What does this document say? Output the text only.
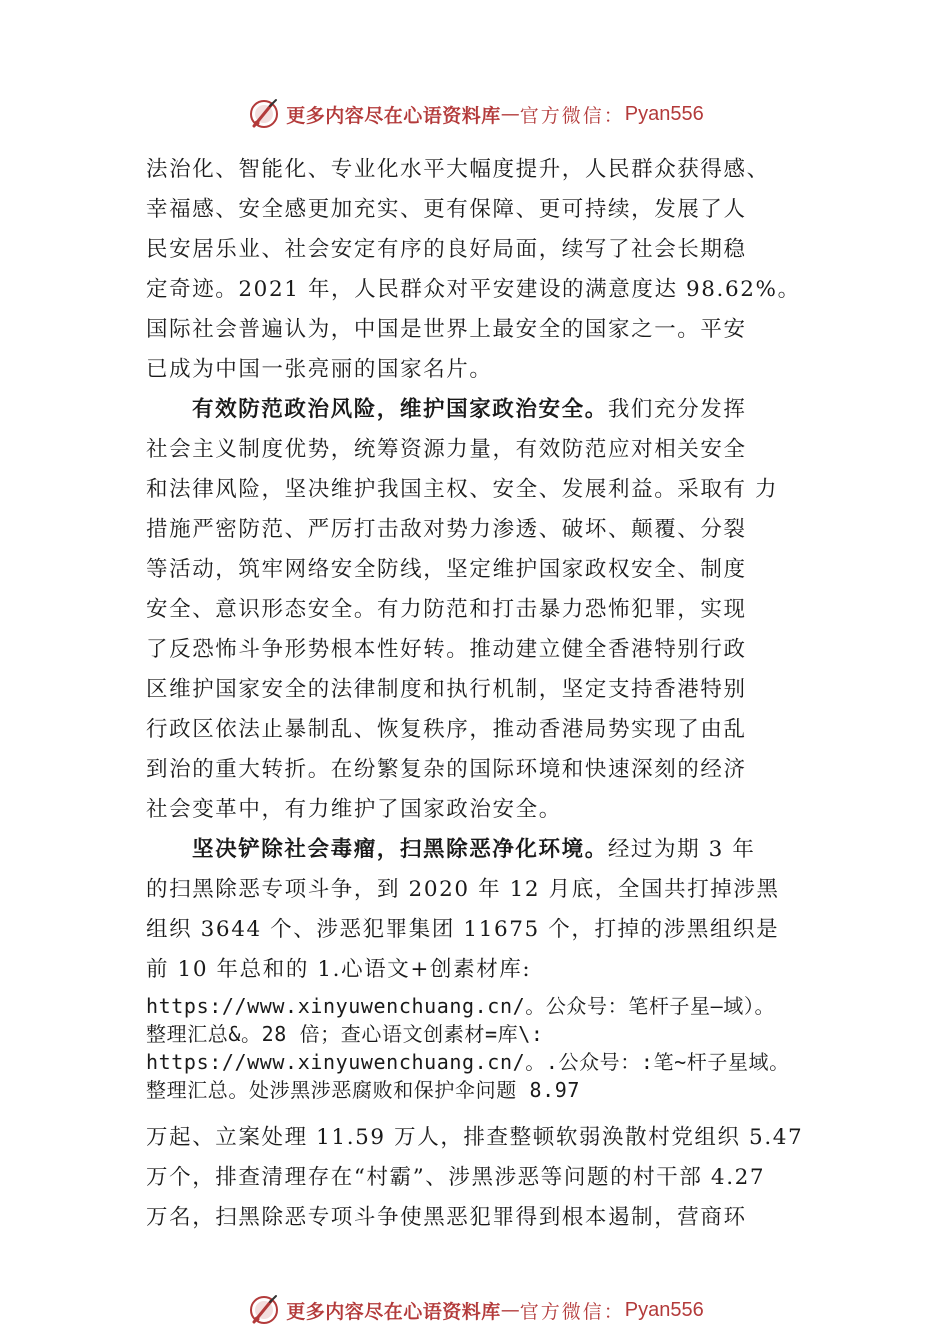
更多内容尽在心语资料库 — 官方微信： Pyan556
法治化、智能化、专业化水平大幅度提升，人民群众获得感、
幸福感、安全感更加充实、更有保障、更可持续，发展了人
民安居乐业、社会安定有序的良好局面，续写了社会长期稳
定奇迹。2021 年，人民群众对平安建设的满意度达 98.62%。
国际社会普遍认为，中国是世界上最安全的国家之一。平安
已成为中国一张亮丽的国家名片。
有效防范政治风险，维护国家政治安全。我们充分发挥
社会主义制度优势，统筹资源力量，有效防范应对相关安全
和法律风险，坚决维护我国主权、安全、发展利益。采取有 力
措施严密防范、严厉打击敌对势力渗透、破坏、颠覆、分裂
等活动，筑牢网络安全防线，坚定维护国家政权安全、制度
安全、意识形态安全。有力防范和打击暴力恐怖犯罪，实现
了反恐怖斗争形势根本性好转。推动建立健全香港特别行政
区维护国家安全的法律制度和执行机制，坚定支持香港特别
行政区依法止暴制乱、恢复秩序，推动香港局势实现了由乱
到治的重大转折。在纷繁复杂的国际环境和快速深刻的经济
社会变革中，有力维护了国家政治安全。
坚决铲除社会毒瘤，扫黑除恶净化环境。经过为期 3 年
的扫黑除恶专项斗争，到 2020 年 12 月底，全国共打掉涉黑
组织 3644 个、涉恶犯罪集团 11675 个，打掉的涉黑组织是
前 10 年总和的 1.心语文+创素材库:
https://www.xinyuwenchuang.cn/。公众号：笔杆子星—域）。
整理汇总&。28 倍；查心语文创素材=库\:
https://www.xinyuwenchuang.cn/。.公众号：:笔~杆子星域。
整理汇总。处涉黑涉恶腐败和保护伞问题 8.97
万起、立案处理 11.59 万人，排查整顿软弱涣散村党组织 5.47
万个，排查清理存在“村霸”、涉黑涉恶等问题的村干部 4.27
万名，扫黑除恶专项斗争使黑恶犯罪得到根本遏制，营商环
更多内容尽在心语资料库 — 官方微信： Pyan556
